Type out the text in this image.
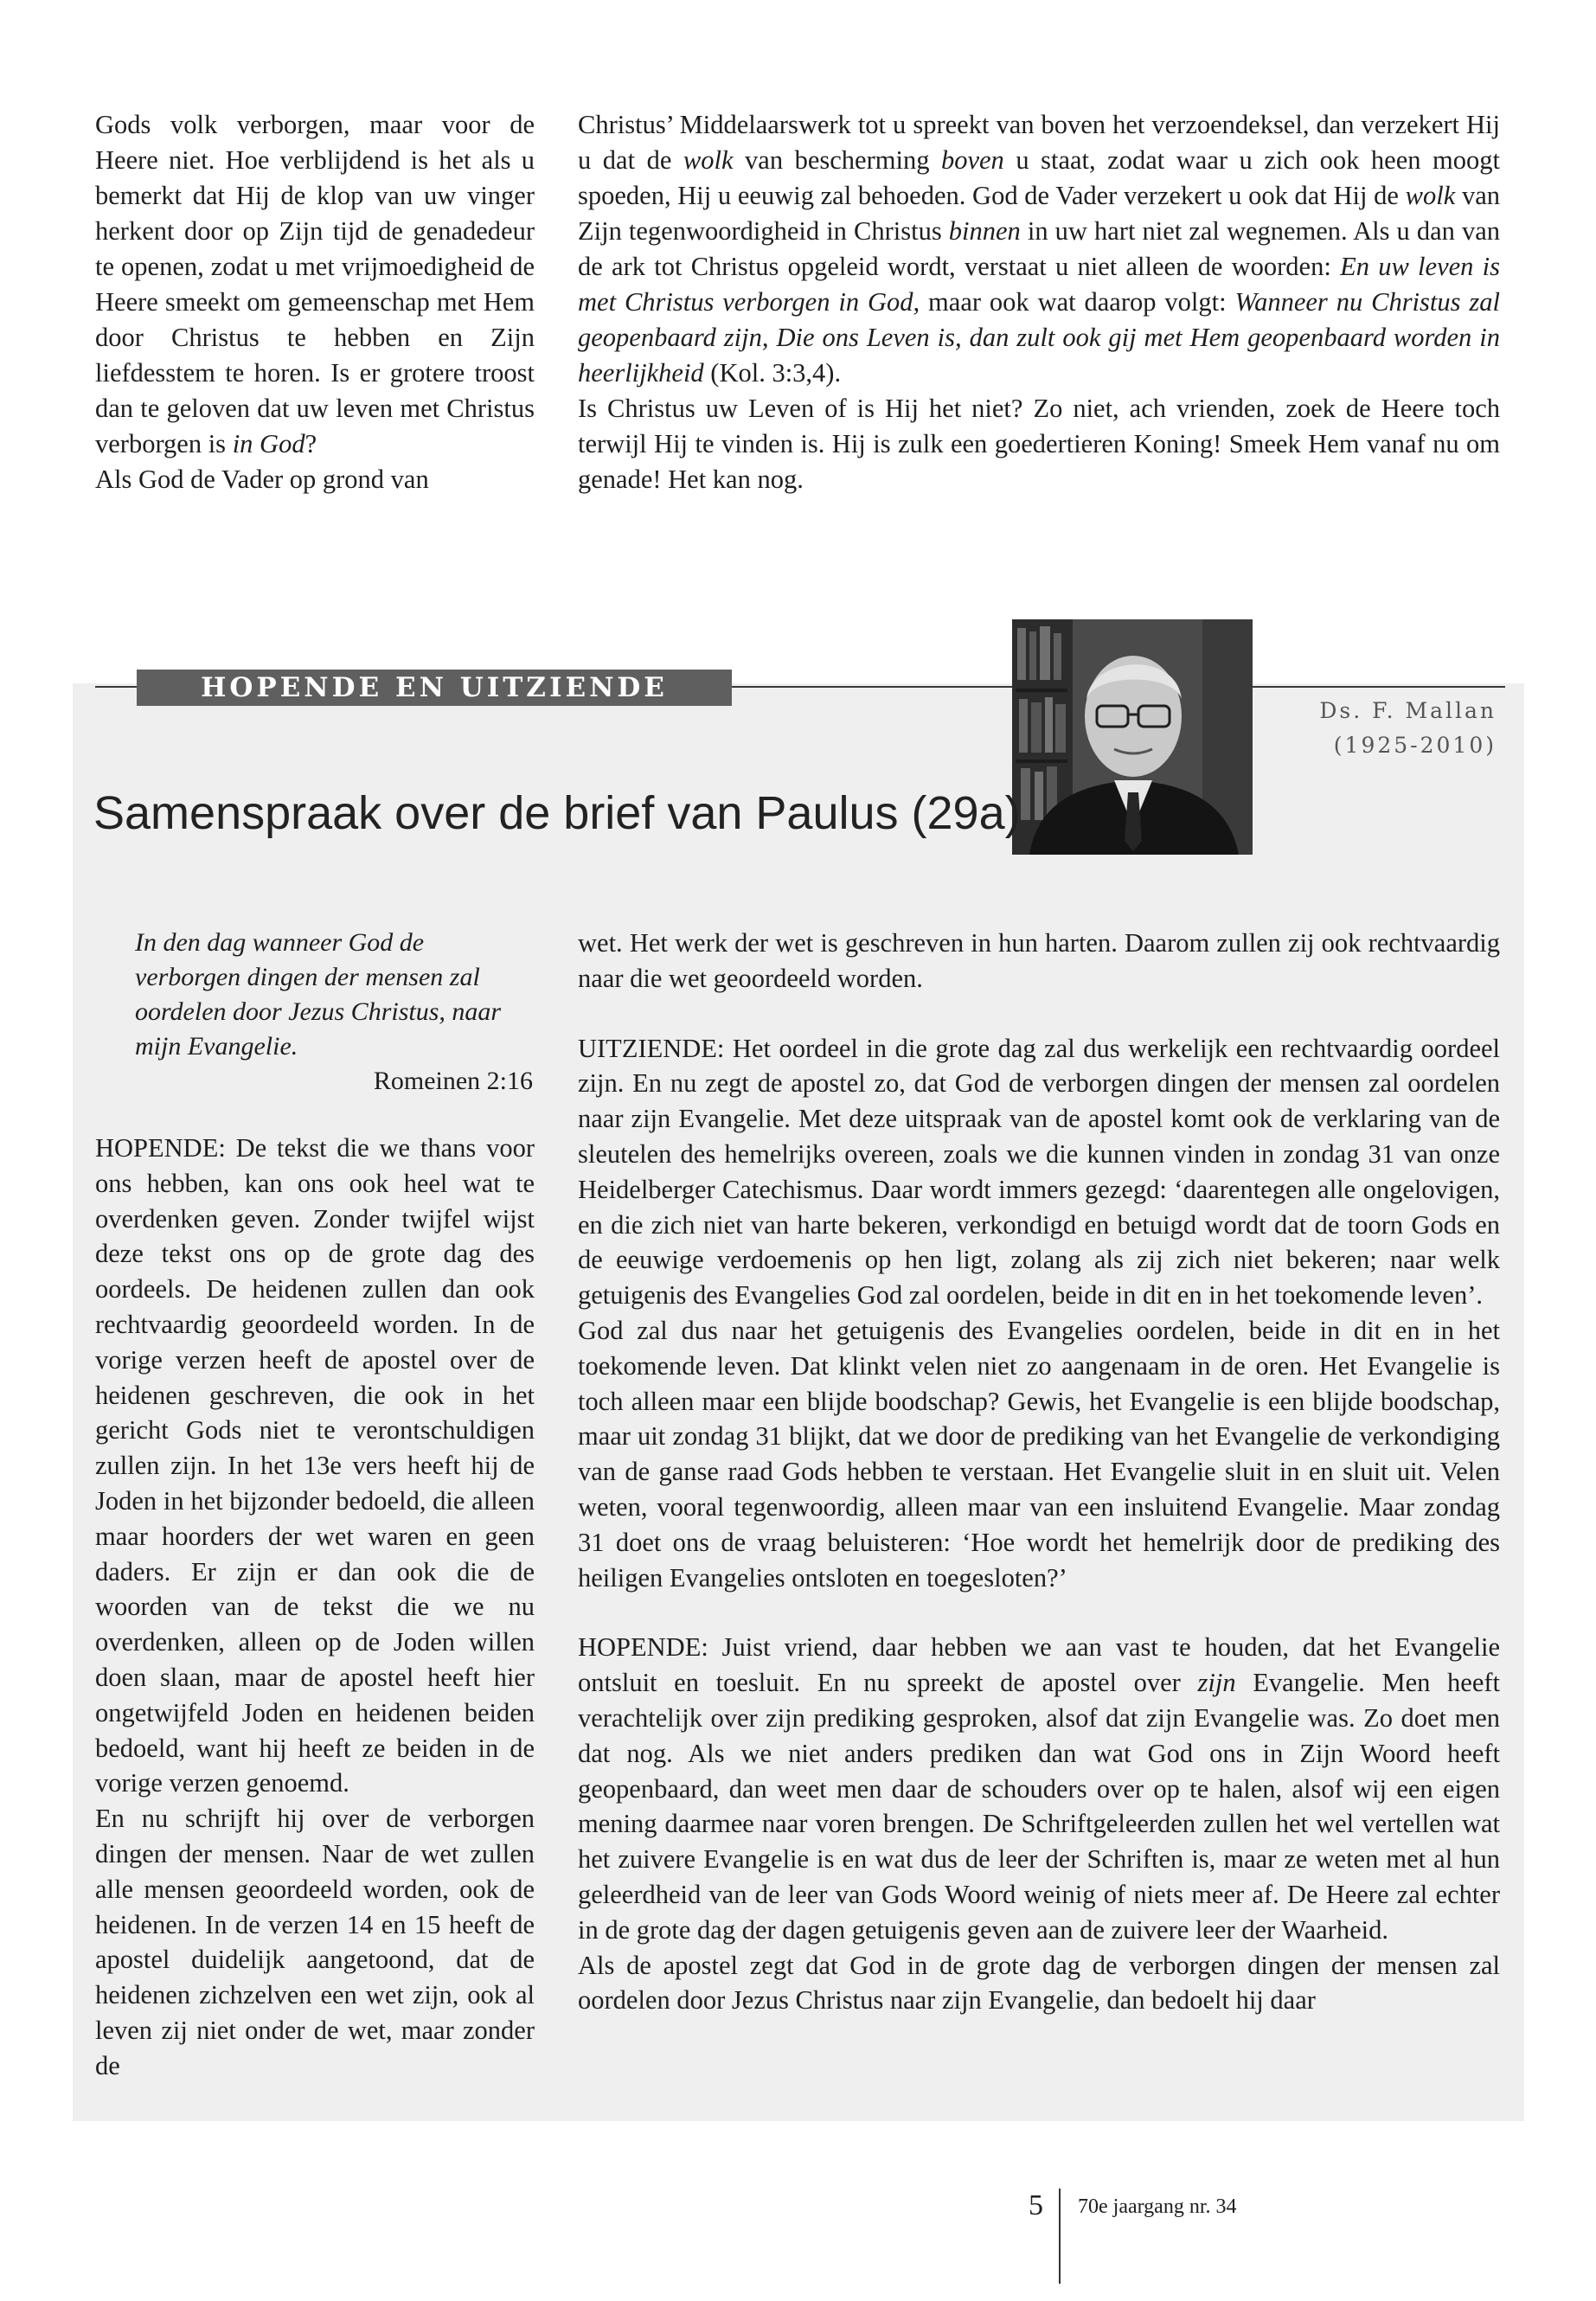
Gods volk verborgen, maar voor de Heere niet. Hoe verblijdend is het als u bemerkt dat Hij de klop van uw vinger herkent door op Zijn tijd de genadedeur te openen, zodat u met vrijmoedigheid de Heere smeekt om gemeenschap met Hem door Christus te hebben en Zijn liefdesstem te horen. Is er grotere troost dan te geloven dat uw leven met Christus verborgen is in God?

Als God de Vader op grond van

Christus’ Middelaarswerk tot u spreekt van boven het verzoendeksel, dan verzekert Hij u dat de wolk van bescherming boven u staat, zodat waar u zich ook heen moogt spoeden, Hij u eeuwig zal behoeden. God de Vader verzekert u ook dat Hij de wolk van Zijn tegenwoordigheid in Christus binnen in uw hart niet zal wegnemen. Als u dan van de ark tot Christus opgeleid wordt, verstaat u niet alleen de woorden: En uw leven is met Christus verborgen in God, maar ook wat daarop volgt: Wanneer nu Christus zal geopenbaard zijn, Die ons Leven is, dan zult ook gij met Hem geopenbaard worden in heerlijkheid (Kol. 3:3,4).

Is Christus uw Leven of is Hij het niet? Zo niet, ach vrienden, zoek de Heere toch terwijl Hij te vinden is. Hij is zulk een goedertieren Koning! Smeek Hem vanaf nu om genade! Het kan nog.

HOPENDE EN UITZIENDE
Ds. F. Mallan
(1925-2010)
Samenspraak over de brief van Paulus (29a)
In den dag wanneer God de verborgen dingen der mensen zal oordelen door Jezus Christus, naar mijn Evangelie.
Romeinen 2:16

HOPENDE: De tekst die we thans voor ons hebben, kan ons ook heel wat te overdenken geven. Zonder twijfel wijst deze tekst ons op de grote dag des oordeels. De heidenen zullen dan ook rechtvaardig geoordeeld worden. In de vorige verzen heeft de apostel over de heidenen geschreven, die ook in het gericht Gods niet te verontschuldigen zullen zijn. In het 13e vers heeft hij de Joden in het bijzonder bedoeld, die alleen maar hoorders der wet waren en geen daders. Er zijn er dan ook die de woorden van de tekst die we nu overdenken, alleen op de Joden willen doen slaan, maar de apostel heeft hier ongetwijfeld Joden en heidenen beiden bedoeld, want hij heeft ze beiden in de vorige verzen genoemd.

En nu schrijft hij over de verborgen dingen der mensen. Naar de wet zullen alle mensen geoordeeld worden, ook de heidenen. In de verzen 14 en 15 heeft de apostel duidelijk aangetoond, dat de heidenen zichzelven een wet zijn, ook al leven zij niet onder de wet, maar zonder de

wet. Het werk der wet is geschreven in hun harten. Daarom zullen zij ook rechtvaardig naar die wet geoordeeld worden.

UITZIENDE: Het oordeel in die grote dag zal dus werkelijk een rechtvaardig oordeel zijn. En nu zegt de apostel zo, dat God de verborgen dingen der mensen zal oordelen naar zijn Evangelie. Met deze uitspraak van de apostel komt ook de verklaring van de sleutelen des hemelrijks overeen, zoals we die kunnen vinden in zondag 31 van onze Heidelberger Catechismus. Daar wordt immers gezegd: ‘daarentegen alle ongelovigen, en die zich niet van harte bekeren, verkondigd en betuigd wordt dat de toorn Gods en de eeuwige verdoemenis op hen ligt, zolang als zij zich niet bekeren; naar welk getuigenis des Evangelies God zal oordelen, beide in dit en in het toekomende leven’.

God zal dus naar het getuigenis des Evangelies oordelen, beide in dit en in het toekomende leven. Dat klinkt velen niet zo aangenaam in de oren. Het Evangelie is toch alleen maar een blijde boodschap? Gewis, het Evangelie is een blijde boodschap, maar uit zondag 31 blijkt, dat we door de prediking van het Evangelie de verkondiging van de ganse raad Gods hebben te verstaan. Het Evangelie sluit in en sluit uit. Velen weten, vooral tegenwoordig, alleen maar van een insluitend Evangelie. Maar zondag 31 doet ons de vraag beluisteren: ‘Hoe wordt het hemelrijk door de prediking des heiligen Evangelies ontsloten en toegesloten?’

HOPENDE: Juist vriend, daar hebben we aan vast te houden, dat het Evangelie ontsluit en toesluit. En nu spreekt de apostel over zijn Evangelie. Men heeft verachtelijk over zijn prediking gesproken, alsof dat zijn Evangelie was. Zo doet men dat nog. Als we niet anders prediken dan wat God ons in Zijn Woord heeft geopenbaard, dan weet men daar de schouders over op te halen, alsof wij een eigen mening daarmee naar voren brengen. De Schriftgeleerden zullen het wel vertellen wat het zuivere Evangelie is en wat dus de leer der Schriften is, maar ze weten met al hun geleerdheid van de leer van Gods Woord weinig of niets meer af. De Heere zal echter in de grote dag der dagen getuigenis geven aan de zuivere leer der Waarheid.

Als de apostel zegt dat God in de grote dag de verborgen dingen der mensen zal oordelen door Jezus Christus naar zijn Evangelie, dan bedoelt hij daar

5 70e jaargang nr. 34
